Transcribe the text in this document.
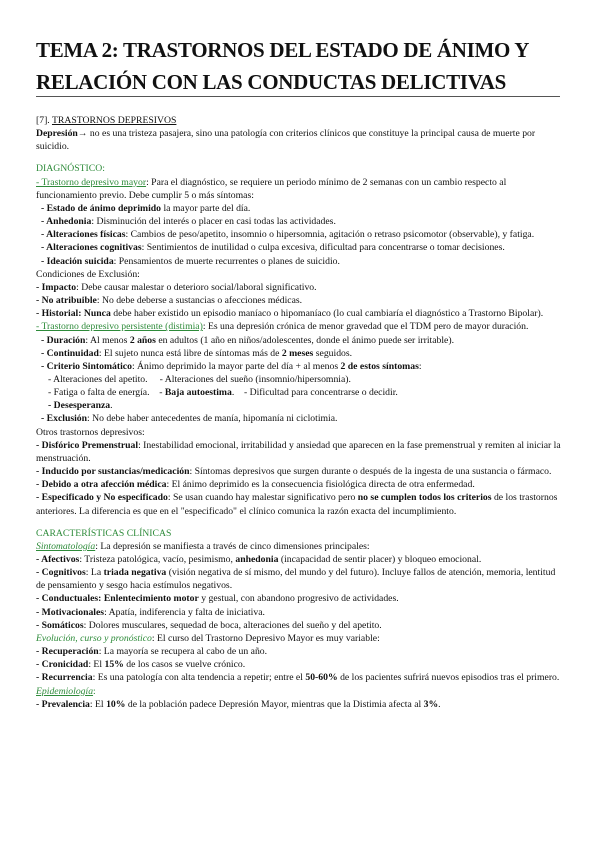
TEMA 2: TRASTORNOS DEL ESTADO DE ÁNIMO Y
RELACIÓN CON LAS CONDUCTAS DELICTIVAS

[7]. TRASTORNOS DEPRESIVOS

Depresión→ no es una tristeza pasajera, sino una patología con criterios clínicos que constituye la principal causa de muerte por suicidio.

DIAGNÓSTICO:

- Trastorno depresivo mayor: Para el diagnóstico, se requiere un periodo mínimo de 2 semanas con un cambio respecto al funcionamiento previo. Debe cumplir 5 o más síntomas:

- Estado de ánimo deprimido la mayor parte del día.

- Anhedonia: Disminución del interés o placer en casi todas las actividades.

- Alteraciones físicas: Cambios de peso/apetito, insomnio o hipersomnia, agitación o retraso psicomotor (observable), y fatiga.

- Alteraciones cognitivas: Sentimientos de inutilidad o culpa excesiva, dificultad para concentrarse o tomar decisiones.

- Ideación suicida: Pensamientos de muerte recurrentes o planes de suicidio.

Condiciones de Exclusión:

- Impacto: Debe causar malestar o deterioro social/laboral significativo.

- No atribuible: No debe deberse a sustancias o afecciones médicas.

- Historial: Nunca debe haber existido un episodio maníaco o hipomaníaco (lo cual cambiaría el diagnóstico a Trastorno Bipolar).

- Trastorno depresivo persistente (distimia): Es una depresión crónica de menor gravedad que el TDM pero de mayor duración.

- Duración: Al menos 2 años en adultos (1 año en niños/adolescentes, donde el ánimo puede ser irritable).

- Continuidad: El sujeto nunca está libre de síntomas más de 2 meses seguidos.

- Criterio Sintomático: Ánimo deprimido la mayor parte del día + al menos 2 de estos síntomas:

- Alteraciones del apetito. - Alteraciones del sueño (insomnio/hipersomnia).

- Fatiga o falta de energía. - Baja autoestima. - Dificultad para concentrarse o decidir.

- Desesperanza.

- Exclusión: No debe haber antecedentes de manía, hipomanía ni ciclotimia.

Otros trastornos depresivos:

- Disfórico Premenstrual: Inestabilidad emocional, irritabilidad y ansiedad que aparecen en la fase premenstrual y remiten al iniciar la menstruación.

- Inducido por sustancias/medicación: Síntomas depresivos que surgen durante o después de la ingesta de una sustancia o fármaco.

- Debido a otra afección médica: El ánimo deprimido es la consecuencia fisiológica directa de otra enfermedad.

- Especificado y No especificado: Se usan cuando hay malestar significativo pero no se cumplen todos los criterios de los trastornos anteriores. La diferencia es que en el "especificado" el clínico comunica la razón exacta del incumplimiento.

CARACTERÍSTICAS CLÍNICAS

Sintomatología: La depresión se manifiesta a través de cinco dimensiones principales:

- Afectivos: Tristeza patológica, vacío, pesimismo, anhedonia (incapacidad de sentir placer) y bloqueo emocional.

- Cognitivos: La triada negativa (visión negativa de sí mismo, del mundo y del futuro). Incluye fallos de atención, memoria, lentitud de pensamiento y sesgo hacia estímulos negativos.

- Conductuales: Enlentecimiento motor y gestual, con abandono progresivo de actividades.

- Motivacionales: Apatía, indiferencia y falta de iniciativa.

- Somáticos: Dolores musculares, sequedad de boca, alteraciones del sueño y del apetito.

Evolución, curso y pronóstico: El curso del Trastorno Depresivo Mayor es muy variable:

- Recuperación: La mayoría se recupera al cabo de un año.

- Cronicidad: El 15% de los casos se vuelve crónico.

- Recurrencia: Es una patología con alta tendencia a repetir; entre el 50-60% de los pacientes sufrirá nuevos episodios tras el primero.

Epidemiología:

- Prevalencia: El 10% de la población padece Depresión Mayor, mientras que la Distimia afecta al 3%.
